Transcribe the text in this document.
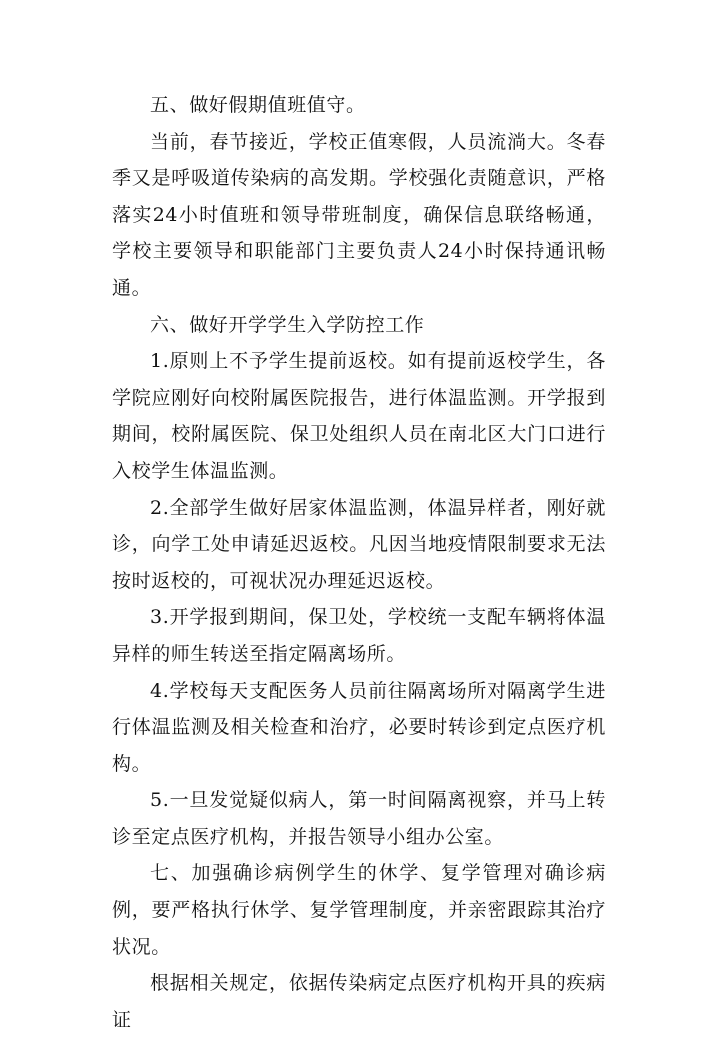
五、做好假期值班值守。

当前，春节接近，学校正值寒假，人员流淌大。冬春季又是呼吸道传染病的高发期。学校强化责随意识，严格落实24小时值班和领导带班制度，确保信息联络畅通，学校主要领导和职能部门主要负责人24小时保持通讯畅通。

六、做好开学学生入学防控工作

1.原则上不予学生提前返校。如有提前返校学生，各学院应刚好向校附属医院报告，进行体温监测。开学报到期间，校附属医院、保卫处组织人员在南北区大门口进行入校学生体温监测。

2.全部学生做好居家体温监测，体温异样者，刚好就诊，向学工处申请延迟返校。凡因当地疫情限制要求无法按时返校的，可视状况办理延迟返校。

3.开学报到期间，保卫处，学校统一支配车辆将体温异样的师生转送至指定隔离场所。

4.学校每天支配医务人员前往隔离场所对隔离学生进行体温监测及相关检查和治疗，必要时转诊到定点医疗机构。

5.一旦发觉疑似病人，第一时间隔离视察，并马上转诊至定点医疗机构，并报告领导小组办公室。

七、加强确诊病例学生的休学、复学管理对确诊病例，要严格执行休学、复学管理制度，并亲密跟踪其治疗状况。

根据相关规定，依据传染病定点医疗机构开具的疾病证
